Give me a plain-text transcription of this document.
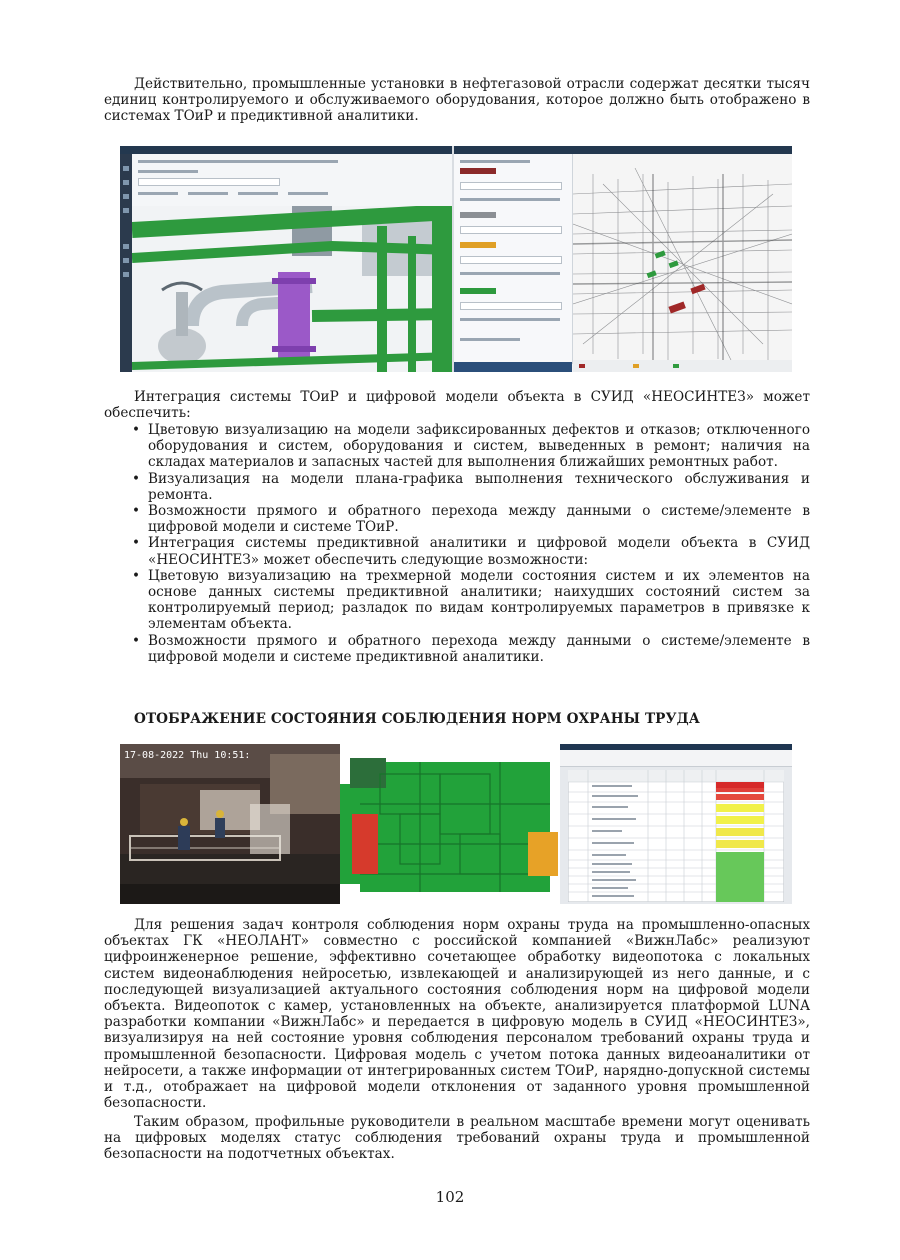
Действительно, промышленные установки в нефтегазовой отрасли содержат десятки тысяч единиц контролируемого и обслуживаемого оборудования, которое должно быть отображено в системах ТОиР и предиктивной аналитики.

Интеграция системы ТОиР и цифровой модели объекта в СУИД «НЕОСИНТЕЗ» может обеспечить:

• Цветовую визуализацию на модели зафиксированных дефектов и отказов; отключенного оборудования и систем, оборудования и систем, выведенных в ремонт; наличия на складах материалов и запасных частей для выполнения ближайших ремонтных работ.
• Визуализация на модели плана-графика выполнения технического обслуживания и ремонта.
• Возможности прямого и обратного перехода между данными о системе/элементе в цифровой модели и системе ТОиР.
• Интеграция системы предиктивной аналитики и цифровой модели объекта в СУИД «НЕОСИНТЕЗ» может обеспечить следующие возможности:
• Цветовую визуализацию на трехмерной модели состояния систем и их элементов на основе данных системы предиктивной аналитики; наихудших состояний систем за контролируемый период; разладок по видам контролируемых параметров в привязке к элементам объекта.
• Возможности прямого и обратного перехода между данными о системе/элементе в цифровой модели и системе предиктивной аналитики.
ОТОБРАЖЕНИЕ СОСТОЯНИЯ СОБЛЮДЕНИЯ НОРМ ОХРАНЫ ТРУДА
17-08-2022 Thu 10:51:

Для решения задач контроля соблюдения норм охраны труда на промышленно-опасных объектах ГК «НЕОЛАНТ» совместно с российской компанией «ВижнЛабс» реализуют цифроинженерное решение, эффективно сочетающее обработку видеопотока с локальных систем видеонаблюдения нейросетью, извлекающей и анализирующей из него данные, и с последующей визуализацией актуального состояния соблюдения норм на цифровой модели объекта. Видеопоток с камер, установленных на объекте, анализируется платформой LUNA разработки компании «ВижнЛабс» и передается в цифровую модель в СУИД «НЕОСИНТЕЗ», визуализируя на ней состояние уровня соблюдения персоналом требований охраны труда и промышленной безопасности. Цифровая модель с учетом потока данных видеоаналитики от нейросети, а также информации от интегрированных систем ТОиР, нарядно-допускной системы и т.д., отображает на цифровой модели отклонения от заданного уровня промышленной безопасности.

Таким образом, профильные руководители в реальном масштабе времени могут оценивать на цифровых моделях статус соблюдения требований охраны труда и промышленной безопасности на подотчетных объектах.

102
